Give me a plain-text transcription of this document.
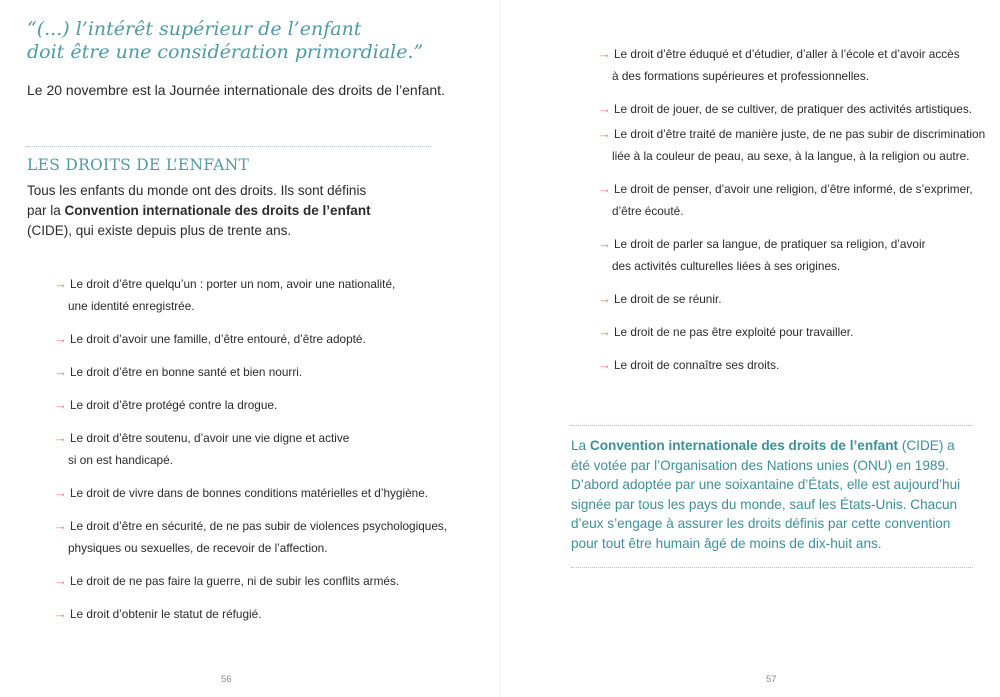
“(...) l’intérêt supérieur de l’enfant
doit être une considération primordiale.”

Le 20 novembre est la Journée internationale des droits de l’enfant.

LES DROITS DE L’ENFANT

Tous les enfants du monde ont des droits. Ils sont définis par la Convention internationale des droits de l’enfant (CIDE), qui existe depuis plus de trente ans.

→ Le droit d’être quelqu’un : porter un nom, avoir une nationalité,
une identité enregistrée.
→ Le droit d’avoir une famille, d’être entouré, d’être adopté.
→ Le droit d’être en bonne santé et bien nourri.
→ Le droit d’être protégé contre la drogue.
→ Le droit d’être soutenu, d’avoir une vie digne et active
si on est handicapé.
→ Le droit de vivre dans de bonnes conditions matérielles et d’hygiène.
→ Le droit d’être en sécurité, de ne pas subir de violences psychologiques,
physiques ou sexuelles, de recevoir de l’affection.
→ Le droit de ne pas faire la guerre, ni de subir les conflits armés.
→ Le droit d’obtenir le statut de réfugié.
56
→ Le droit d’être éduqué et d’étudier, d’aller à l’école et d’avoir accès
à des formations supérieures et professionnelles.
→ Le droit de jouer, de se cultiver, de pratiquer des activités artistiques.
→ Le droit d’être traité de manière juste, de ne pas subir de discrimination
liée à la couleur de peau, au sexe, à la langue, à la religion ou autre.
→ Le droit de penser, d’avoir une religion, d’être informé, de s’exprimer,
d’être écouté.
→ Le droit de parler sa langue, de pratiquer sa religion, d’avoir
des activités culturelles liées à ses origines.
→ Le droit de se réunir.
→ Le droit de ne pas être exploité pour travailler.
→ Le droit de connaître ses droits.
57

La Convention internationale des droits de l’enfant (CIDE) a été votée par l’Organisation des Nations unies (ONU) en 1989. D’abord adoptée par une soixantaine d’États, elle est aujourd’hui signée par tous les pays du monde, sauf les États-Unis. Chacun d’eux s’engage à assurer les droits définis par cette convention pour tout être humain âgé de moins de dix-huit ans.
